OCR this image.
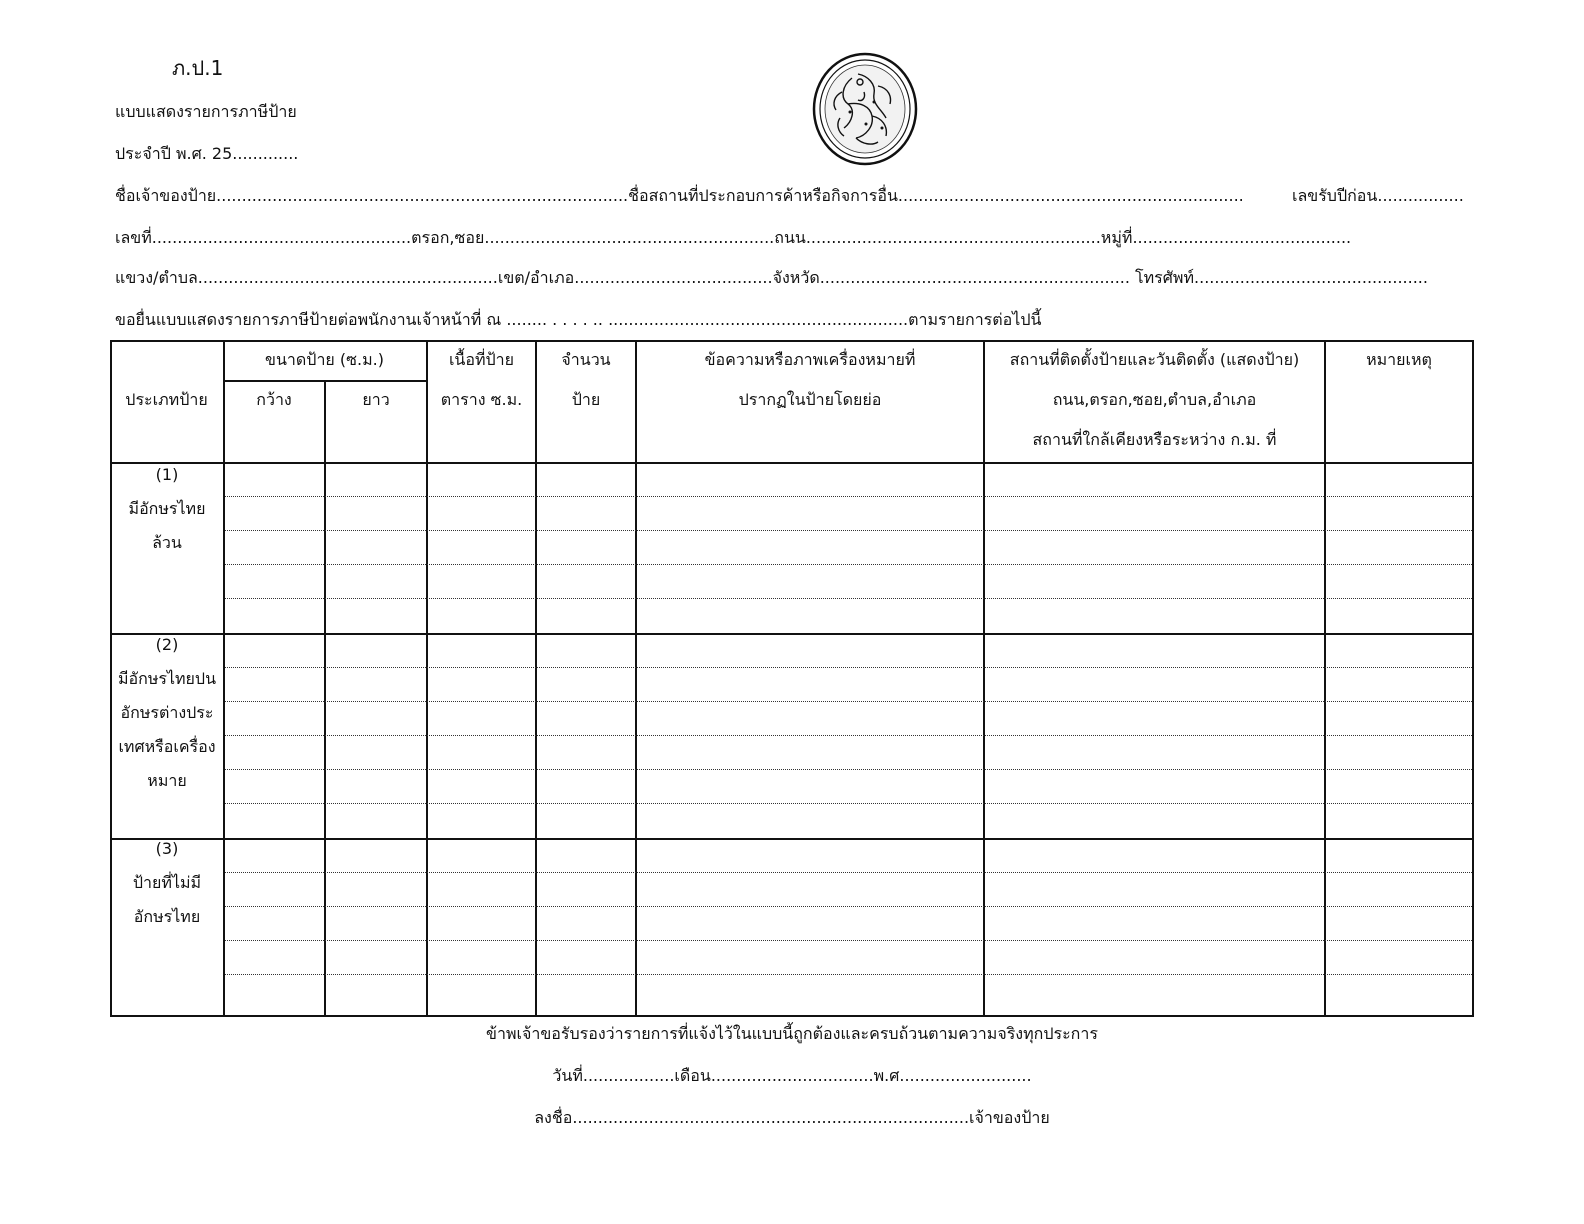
ภ.ป.1
แบบแสดงรายการภาษีป้าย
ประจำปี พ.ศ. 25.............
ชื่อเจ้าของป้าย.................................................................................ชื่อสถานที่ประกอบการค้าหรือกิจการอื่น....................................................................	เลขรับปีก่อน.................
เลขที่...................................................ตรอก,ซอย.........................................................ถนน..........................................................หมู่ที่...........................................
แขวง/ตำบล...........................................................เขต/อำเภอ.......................................จังหวัด............................................................. โทรศัพท์..............................................
ขอยื่นแบบแสดงรายการภาษีป้ายต่อพนักงานเจ้าหน้าที่ ณ ........ . . . . .. ...........................................................ตามรายการต่อไปนี้
ประเภทป้าย
ขนาดป้าย (ซ.ม.)
กว้าง	ยาว
เนื้อที่ป้าย
ตาราง ซ.ม.
จำนวน
ป้าย
ข้อความหรือภาพเครื่องหมายที่
ปรากฏในป้ายโดยย่อ
สถานที่ติดตั้งป้ายและวันติดตั้ง (แสดงป้าย)
ถนน,ตรอก,ซอย,ตำบล,อำเภอ
สถานที่ใกล้เคียงหรือระหว่าง ก.ม. ที่
หมายเหตุ
(1)
มีอักษรไทย
ล้วน
(2)
มีอักษรไทยปน
อักษรต่างประ
เทศหรือเครื่อง
หมาย
(3)
ป้ายที่ไม่มี
อักษรไทย
ข้าพเจ้าขอรับรองว่ารายการที่แจ้งไว้ในแบบนี้ถูกต้องและครบถ้วนตามความจริงทุกประการ
วันที่..................เดือน................................พ.ศ..........................
ลงชื่อ..............................................................................เจ้าของป้าย
